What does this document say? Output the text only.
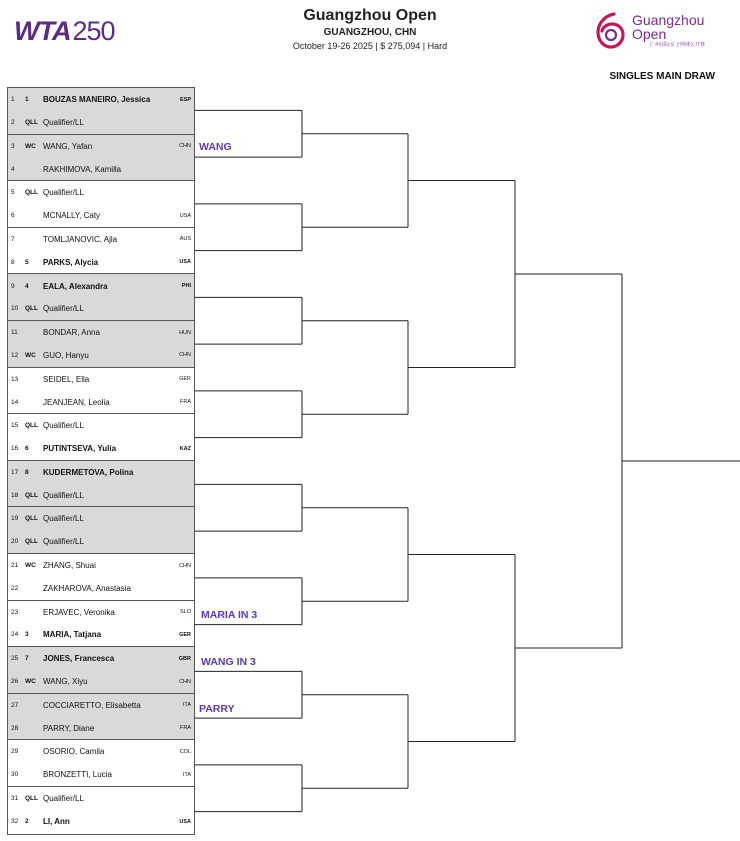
WTA250
Guangzhou Open
GUANGZHOU, CHN
October 19-26 2025 | $ 275,094 | Hard
Guangzhou
Open
广州国际女子网球公开赛
SINGLES MAIN DRAW
1	1	BOUZAS MANEIRO, Jessica	ESP
2	QLL Qualifier/LL
3	WC WANG, Yafan	CHN
4	RAKHIMOVA, Kamilla
5	QLL Qualifier/LL
6	MCNALLY, Caty	USA
7	TOMLJANOVIC, Ajla	AUS
8	5	PARKS, Alycia	USA
9	4	EALA, Alexandra	PHI
10	QLL Qualifier/LL
11	BONDAR, Anna	HUN
12	WC GUO, Hanyu	CHN
13	SEIDEL, Ella	GER
14	JEANJEAN, Leolia	FRA
15	QLL Qualifier/LL
16	6	PUTINTSEVA, Yulia	KAZ
17	8	KUDERMETOVA, Polina
18	QLL Qualifier/LL
19	QLL Qualifier/LL
20	QLL Qualifier/LL
21	WC ZHANG, Shuai	CHN
22	ZAKHAROVA, Anastasia
23	ERJAVEC, Veronika	SLO
24	3	MARIA, Tatjana	GER
25	7	JONES, Francesca	GBR
26	WC WANG, Xiyu	CHN
27	COCCIARETTO, Elisabetta	ITA
28	PARRY, Diane	FRA
29	OSORIO, Camila	COL
30	BRONZETTI, Lucia	ITA
31	QLL Qualifier/LL
32	2	LI, Ann	USA
WANG
MARIA IN 3
WANG IN 3
PARRY
